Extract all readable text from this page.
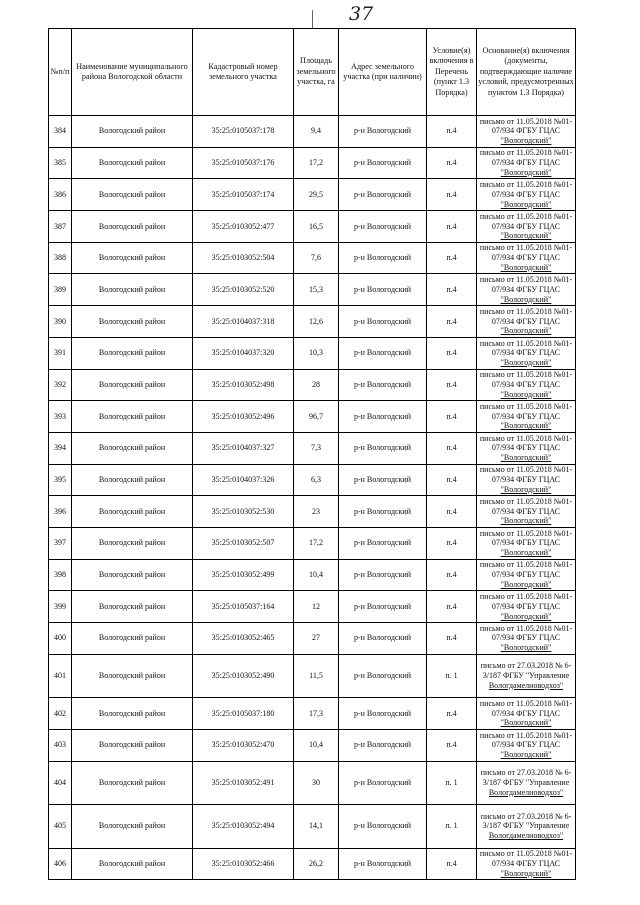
37
№п/п	Наименование муниципального района Вологодской области	Кадастровый номер земельного участка	Площадь земельного участка, га	Адрес земельного участка (при наличии)	Условие(я) включения в Перечень (пункт 1.3 Порядка)	Основание(я) включения (документы, подтверждающие наличие условий, предусмотренных пунктом 1.3 Порядка)
384	Вологодский район	35:25:0105037:178	9,4	р-н Вологодский	п.4	письмо от 11.05.2018 №01-
07/934 ФГБУ ГЦАС
"Вологодский"

385	Вологодский район	35:25:0105037:176	17,2	р-н Вологодский	п.4	письмо от 11.05.2018 №01-
07/934 ФГБУ ГЦАС
"Вологодский"

386	Вологодский район	35:25:0105037:174	29,5	р-н Вологодский	п.4	письмо от 11.05.2018 №01-
07/934 ФГБУ ГЦАС
"Вологодский"

387	Вологодский район	35:25:0103052:477	16,5	р-н Вологодский	п.4	письмо от 11.05.2018 №01-
07/934 ФГБУ ГЦАС
"Вологодский"

388	Вологодский район	35:25:0103052:504	7,6	р-н Вологодский	п.4	письмо от 11.05.2018 №01-
07/934 ФГБУ ГЦАС
"Вологодский"

389	Вологодский район	35:25:0103052:520	15,3	р-н Вологодский	п.4	письмо от 11.05.2018 №01-
07/934 ФГБУ ГЦАС
"Вологодский"

390	Вологодский район	35:25:0104037:318	12,6	р-н Вологодский	п.4	письмо от 11.05.2018 №01-
07/934 ФГБУ ГЦАС
"Вологодский"

391	Вологодский район	35:25:0104037:320	10,3	р-н Вологодский	п.4	письмо от 11.05.2018 №01-
07/934 ФГБУ ГЦАС
"Вологодский"

392	Вологодский район	35:25:0103052:498	28	р-н Вологодский	п.4	письмо от 11.05.2018 №01-
07/934 ФГБУ ГЦАС
"Вологодский"

393	Вологодский район	35:25:0103052:496	96,7	р-н Вологодский	п.4	письмо от 11.05.2018 №01-
07/934 ФГБУ ГЦАС
"Вологодский"

394	Вологодский район	35:25:0104037:327	7,3	р-н Вологодский	п.4	письмо от 11.05.2018 №01-
07/934 ФГБУ ГЦАС
"Вологодский"

395	Вологодский район	35:25:0104037:326	6,3	р-н Вологодский	п.4	письмо от 11.05.2018 №01-
07/934 ФГБУ ГЦАС
"Вологодский"

396	Вологодский район	35:25:0103052:530	23	р-н Вологодский	п.4	письмо от 11.05.2018 №01-
07/934 ФГБУ ГЦАС
"Вологодский"

397	Вологодский район	35:25:0103052:507	17,2	р-н Вологодский	п.4	письмо от 11.05.2018 №01-
07/934 ФГБУ ГЦАС
"Вологодский"

398	Вологодский район	35:25:0103052:499	10,4	р-н Вологодский	п.4	письмо от 11.05.2018 №01-
07/934 ФГБУ ГЦАС
"Вологодский"

399	Вологодский район	35:25:0105037:164	12	р-н Вологодский	п.4	письмо от 11.05.2018 №01-
07/934 ФГБУ ГЦАС
"Вологодский"

400	Вологодский район	35:25:0103052:465	27	р-н Вологодский	п.4	письмо от 11.05.2018 №01-
07/934 ФГБУ ГЦАС
"Вологодский"

401	Вологодский район	35:25:0103052:490	11,5	р-н Вологодский	п. 1	письмо от 27.03.2018 № 6-
3/187 ФГБУ "Управление
Вологдамелиоводхоз"

402	Вологодский район	35:25:0105037:180	17,3	р-н Вологодский	п.4	письмо от 11.05.2018 №01-
07/934 ФГБУ ГЦАС
"Вологодский"

403	Вологодский район	35:25:0103052:470	10,4	р-н Вологодский	п.4	письмо от 11.05.2018 №01-
07/934 ФГБУ ГЦАС
"Вологодский"

404	Вологодский район	35:25:0103052:491	30	р-н Вологодский	п. 1	письмо от 27.03.2018 № 6-
3/187 ФГБУ "Управление
Вологдамелиоводхоз"

405	Вологодский район	35:25:0103052:494	14,1	р-н Вологодский	п. 1	письмо от 27.03.2018 № 6-
3/187 ФГБУ "Управление
Вологдамелиоводхоз"

406	Вологодский район	35:25:0103052:466	26,2	р-н Вологодский	п.4	письмо от 11.05.2018 №01-
07/934 ФГБУ ГЦАС
"Вологодский"
